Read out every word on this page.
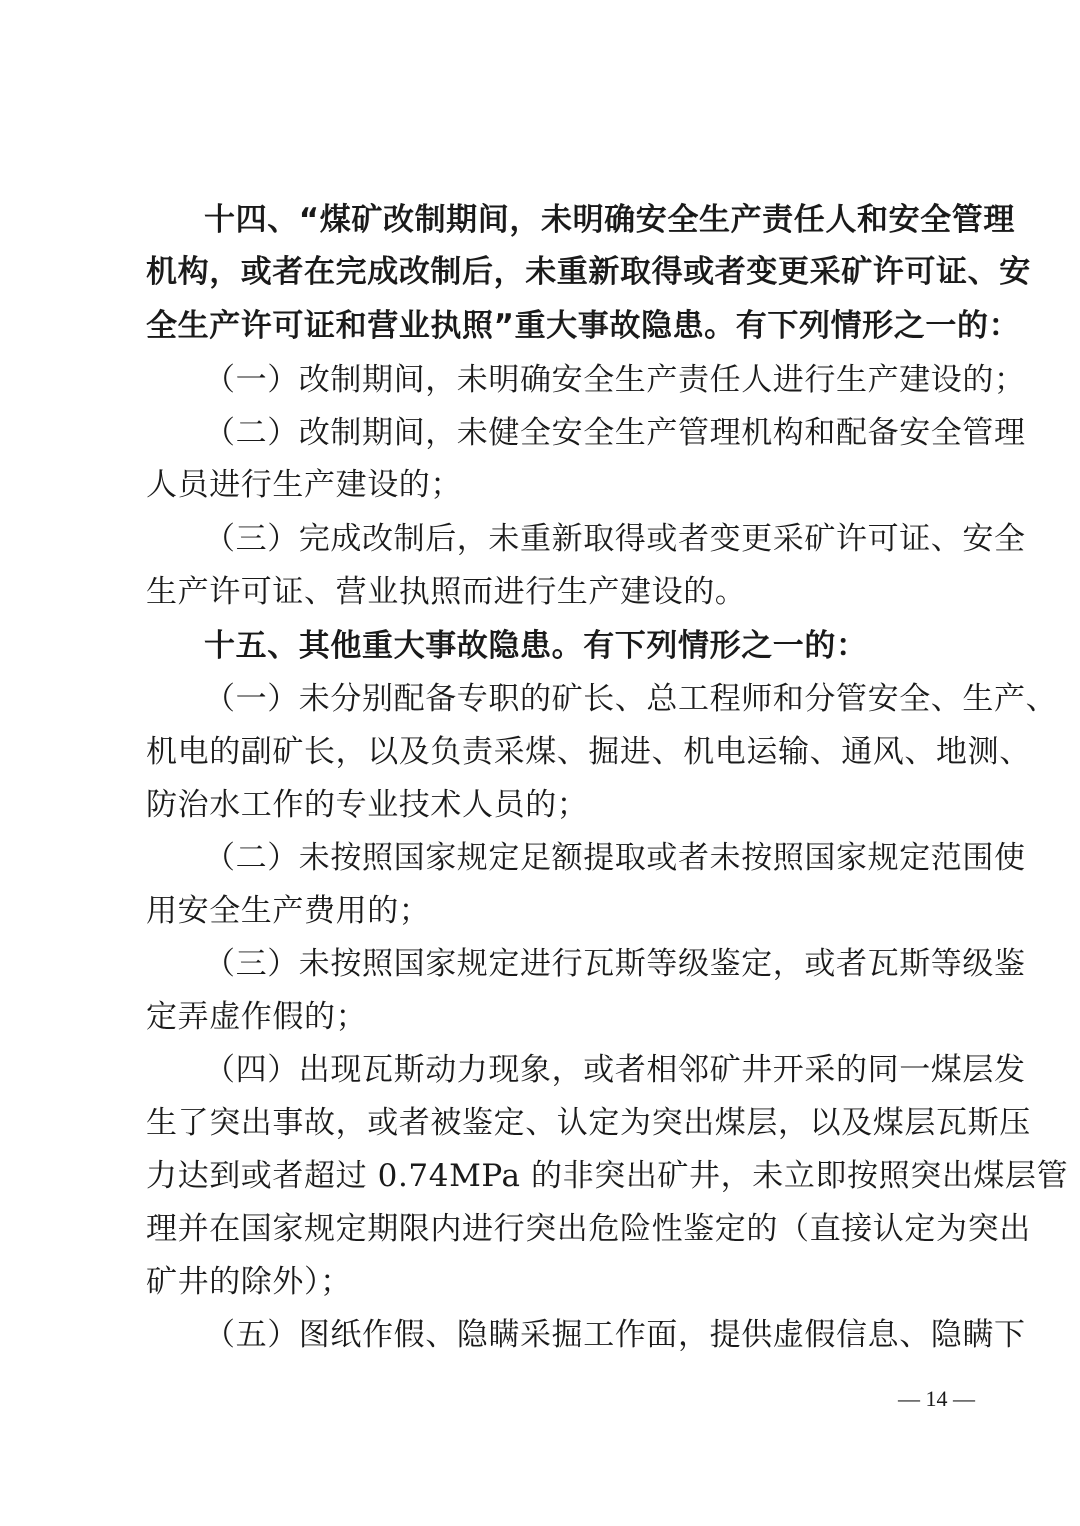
十四、“煤矿改制期间，未明确安全生产责任人和安全管理
机构，或者在完成改制后，未重新取得或者变更采矿许可证、安
全生产许可证和营业执照”重大事故隐患。有下列情形之一的：
（一）改制期间，未明确安全生产责任人进行生产建设的；
（二）改制期间，未健全安全生产管理机构和配备安全管理
人员进行生产建设的；
（三）完成改制后，未重新取得或者变更采矿许可证、安全
生产许可证、营业执照而进行生产建设的。
十五、其他重大事故隐患。有下列情形之一的：
（一）未分别配备专职的矿长、总工程师和分管安全、生产、
机电的副矿长，以及负责采煤、掘进、机电运输、通风、地测、
防治水工作的专业技术人员的；
（二）未按照国家规定足额提取或者未按照国家规定范围使
用安全生产费用的；
（三）未按照国家规定进行瓦斯等级鉴定，或者瓦斯等级鉴
定弄虚作假的；
（四）出现瓦斯动力现象，或者相邻矿井开采的同一煤层发
生了突出事故，或者被鉴定、认定为突出煤层，以及煤层瓦斯压
力达到或者超过 0.74MPa 的非突出矿井，未立即按照突出煤层管
理并在国家规定期限内进行突出危险性鉴定的（直接认定为突出
矿井的除外）；
（五）图纸作假、隐瞒采掘工作面，提供虚假信息、隐瞒下
— 14 —
